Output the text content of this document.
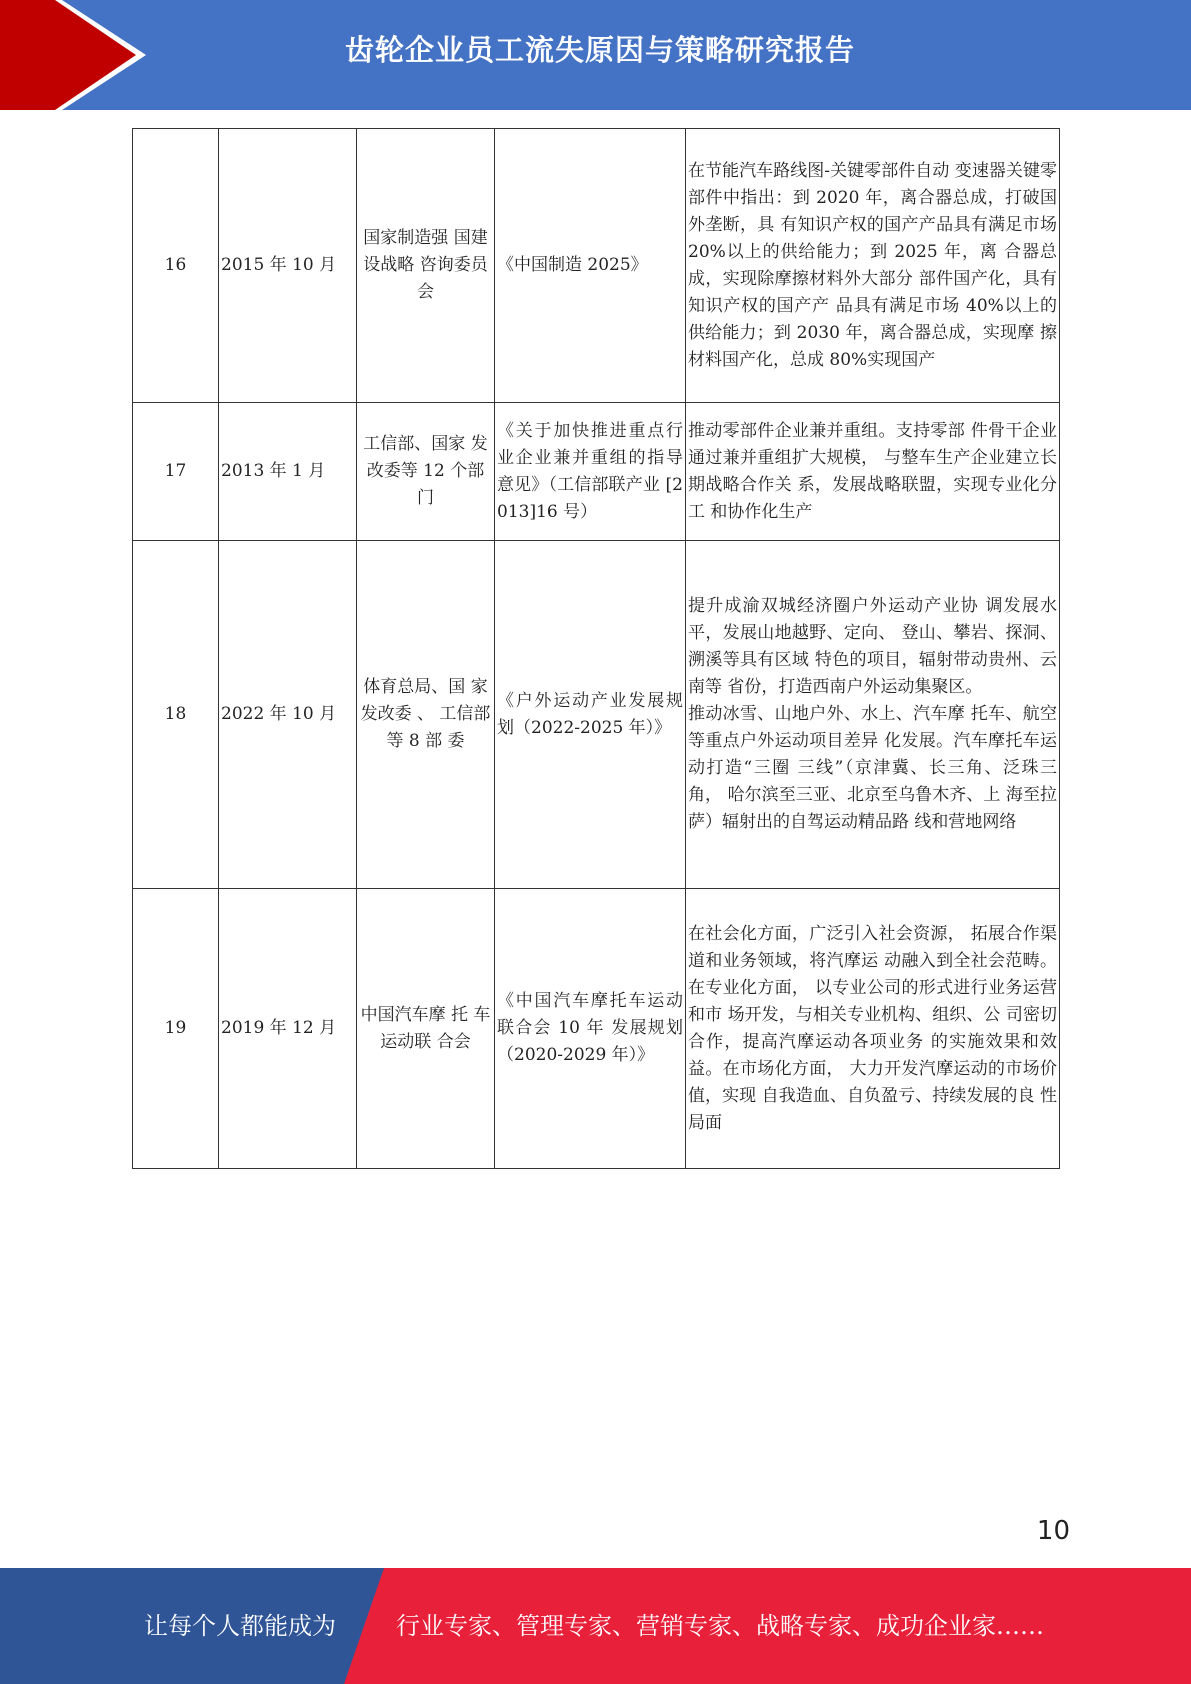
齿轮企业员工流失原因与策略研究报告
16	2015 年 10 月	国家制造强 国建设战略 咨询委员会	《中国制造 2025》	在节能汽车路线图-关键零部件自动 变速器关键零部件中指出：到 2020 年，离合器总成，打破国外垄断，具 有知识产权的国产产品具有满足市场 20%以上的供给能力；到 2025 年，离 合器总成，实现除摩擦材料外大部分 部件国产化，具有知识产权的国产产 品具有满足市场 40%以上的供给能力；到 2030 年，离合器总成，实现摩 擦材料国产化，总成 80%实现国产

17	2013 年 1 月	工信部、国家 发改委等 12 个部门	《关于加快推进重点行业企业兼并重组的指导意见》（工信部联产业 [2013]16 号）	推动零部件企业兼并重组。支持零部 件骨干企业通过兼并重组扩大规模， 与整车生产企业建立长期战略合作关 系，发展战略联盟，实现专业化分工 和协作化生产

18	2022 年 10 月	体育总局、国 家发改委 、 工信部等 8 部 委	《户外运动产业发展规划（2022-2025 年）》	提升成渝双城经济圈户外运动产业协 调发展水平，发展山地越野、定向、 登山、攀岩、探洞、溯溪等具有区域 特色的项目，辐射带动贵州、云南等 省份，打造西南户外运动集聚区。
推动冰雪、山地户外、水上、汽车摩 托车、航空等重点户外运动项目差异 化发展。汽车摩托车运动打造“三圈 三线”（京津冀、长三角、泛珠三角， 哈尔滨至三亚、北京至乌鲁木齐、上 海至拉萨）辐射出的自驾运动精品路 线和营地网络

19	2019 年 12 月	中国汽车摩 托 车运动联 合会	《中国汽车摩托车运动联合会 10 年 发展规划 （2020-2029 年）》	在社会化方面，广泛引入社会资源， 拓展合作渠道和业务领域，将汽摩运 动融入到全社会范畴。在专业化方面， 以专业公司的形式进行业务运营和市 场开发，与相关专业机构、组织、公 司密切合作，提高汽摩运动各项业务 的实施效果和效益。在市场化方面， 大力开发汽摩运动的市场价值，实现 自我造血、自负盈亏、持续发展的良 性局面
10
让每个人都能成为	行业专家、管理专家、营销专家、战略专家、成功企业家……
